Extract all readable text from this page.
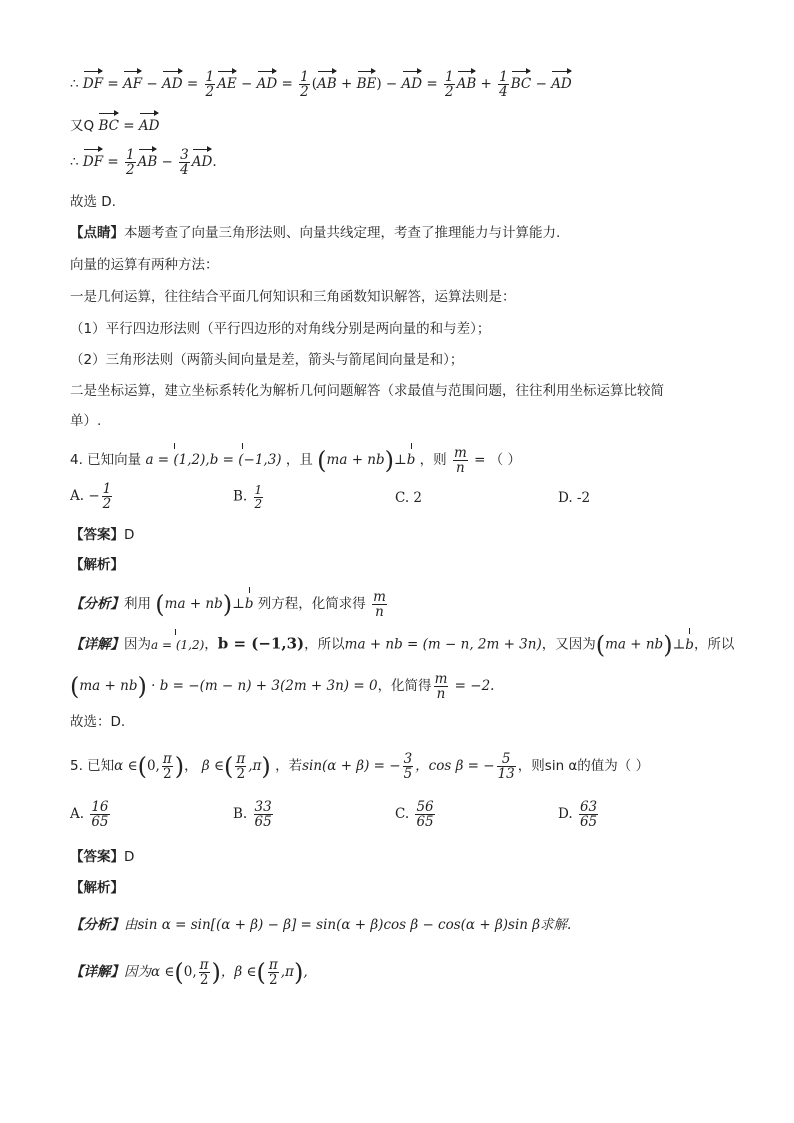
∴ DF = AF − AD = $\frac{1}{2}$ AE − AD = $\frac{1}{2} (AB + BE)$ − AD = $\frac{1}{2}$ AB + $\frac{1}{4}$ BC − AD
又Q BC = AD
∴ DF = $\frac{1}{2}$ AB − $\frac{3}{4}$ AD.
故选 D.
【点睛】本题考查了向量三角形法则、向量共线定理，考查了推理能力与计算能力.
向量的运算有两种方法：
一是几何运算，往往结合平面几何知识和三角函数知识解答，运算法则是：
（1）平行四边形法则（平行四边形的对角线分别是两向量的和与差）；
（2）三角形法则（两箭头间向量是差，箭头与箭尾间向量是和）；
二是坐标运算，建立坐标系转化为解析几何问题解答（求最值与范围问题，往往利用坐标运算比较简
单）.
4. 已知向量 a = (1,2),b = (−1,3) ，且 (ma + nb)⊥b ，则 $\frac{m}{n}$ = （ ）
A. − $\frac{1}{2}$	B. $\frac{1}{2}$	C. 2	D. -2
【答案】D
【解析】
【分析】利用 (ma + nb)⊥b 列方程，化简求得 $\frac{m}{n}$
【详解】因为a = (1,2)，b = (−1,3)，所以ma + nb = (m − n, 2m + 3n)，又因为(ma + nb)⊥b，所以
(ma + nb) · b = −(m − n) + 3(2m + 3n) = 0，化简得 $\frac{m}{n} = -2$.
故选：D.
5. 已知α ∈(0, $\frac{\pi}{2}$ )， β ∈( $\frac{\pi}{2} ,\pi$) ，若sin(α + β) = − $\frac{3}{5}$ ，cos β = − $\frac{5}{13}$ ，则sin α的值为（ ）
A. $\frac{16}{65}$	B. $\frac{33}{65}$	C. $\frac{56}{65}$	D. $\frac{63}{65}$
【答案】D
【解析】
【分析】由sin α = sin[(α + β) − β] = sin(α + β)cos β − cos(α + β)sin β求解.
【详解】因为α ∈(0, $\frac{\pi}{2}$ )，β ∈( $\frac{\pi}{2} ,\pi$),
